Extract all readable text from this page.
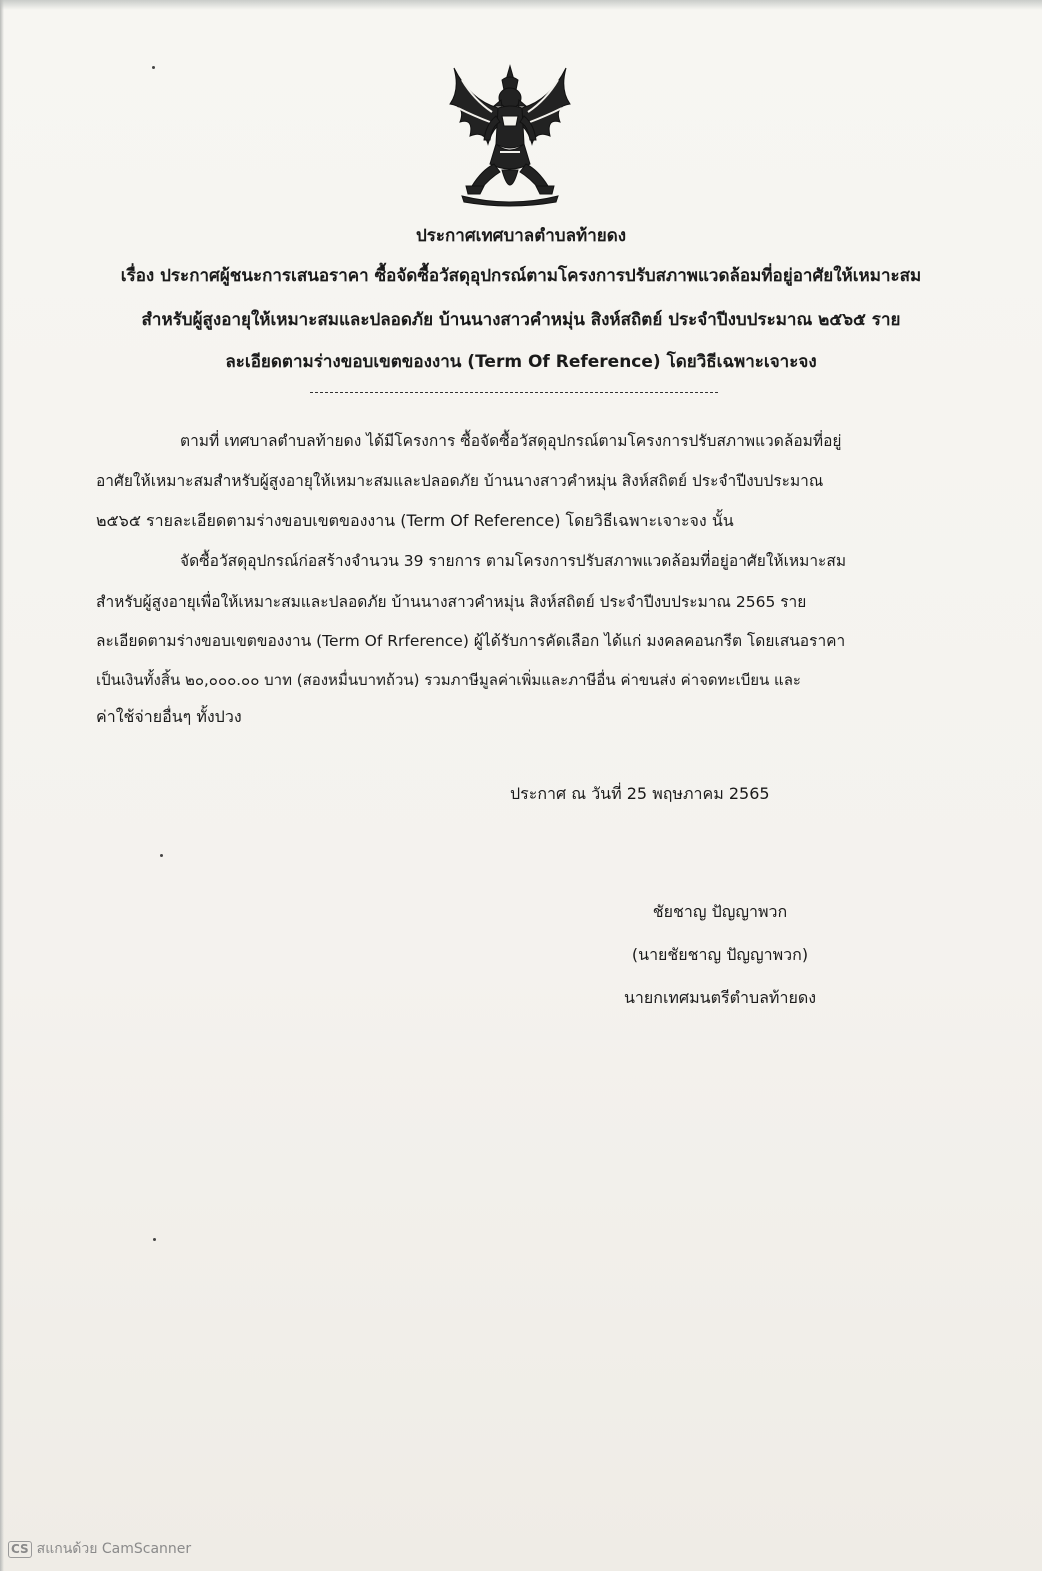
ประกาศเทศบาลตำบลท้ายดง
เรื่อง ประกาศผู้ชนะการเสนอราคา ซื้อจัดซื้อวัสดุอุปกรณ์ตามโครงการปรับสภาพแวดล้อมที่อยู่อาศัยให้เหมาะสม
สำหรับผู้สูงอายุให้เหมาะสมและปลอดภัย บ้านนางสาวคำหมุ่น สิงห์สถิตย์ ประจำปีงบประมาณ ๒๕๖๕ ราย
ละเอียดตามร่างขอบเขตของงาน (Term Of Reference) โดยวิธีเฉพาะเจาะจง
ตามที่ เทศบาลตำบลท้ายดง ได้มีโครงการ ซื้อจัดซื้อวัสดุอุปกรณ์ตามโครงการปรับสภาพแวดล้อมที่อยู่
อาศัยให้เหมาะสมสำหรับผู้สูงอายุให้เหมาะสมและปลอดภัย บ้านนางสาวคำหมุ่น สิงห์สถิตย์ ประจำปีงบประมาณ
๒๕๖๕ รายละเอียดตามร่างขอบเขตของงาน (Term Of Reference) โดยวิธีเฉพาะเจาะจง นั้น
จัดซื้อวัสดุอุปกรณ์ก่อสร้างจำนวน 39 รายการ ตามโครงการปรับสภาพแวดล้อมที่อยู่อาศัยให้เหมาะสม
สำหรับผู้สูงอายุเพื่อให้เหมาะสมและปลอดภัย บ้านนางสาวคำหมุ่น สิงห์สถิตย์ ประจำปีงบประมาณ 2565 ราย
ละเอียดตามร่างขอบเขตของงาน (Term Of Rrference) ผู้ได้รับการคัดเลือก ได้แก่ มงคลคอนกรีต โดยเสนอราคา
เป็นเงินทั้งสิ้น ๒๐,๐๐๐.๐๐ บาท (สองหมื่นบาทถ้วน) รวมภาษีมูลค่าเพิ่มและภาษีอื่น ค่าขนส่ง ค่าจดทะเบียน และ
ค่าใช้จ่ายอื่นๆ ทั้งปวง
ประกาศ ณ วันที่ 25 พฤษภาคม 2565
ชัยชาญ ปัญญาพวก
(นายชัยชาญ ปัญญาพวก)
นายกเทศมนตรีตำบลท้ายดง
CS สแกนด้วย CamScanner
